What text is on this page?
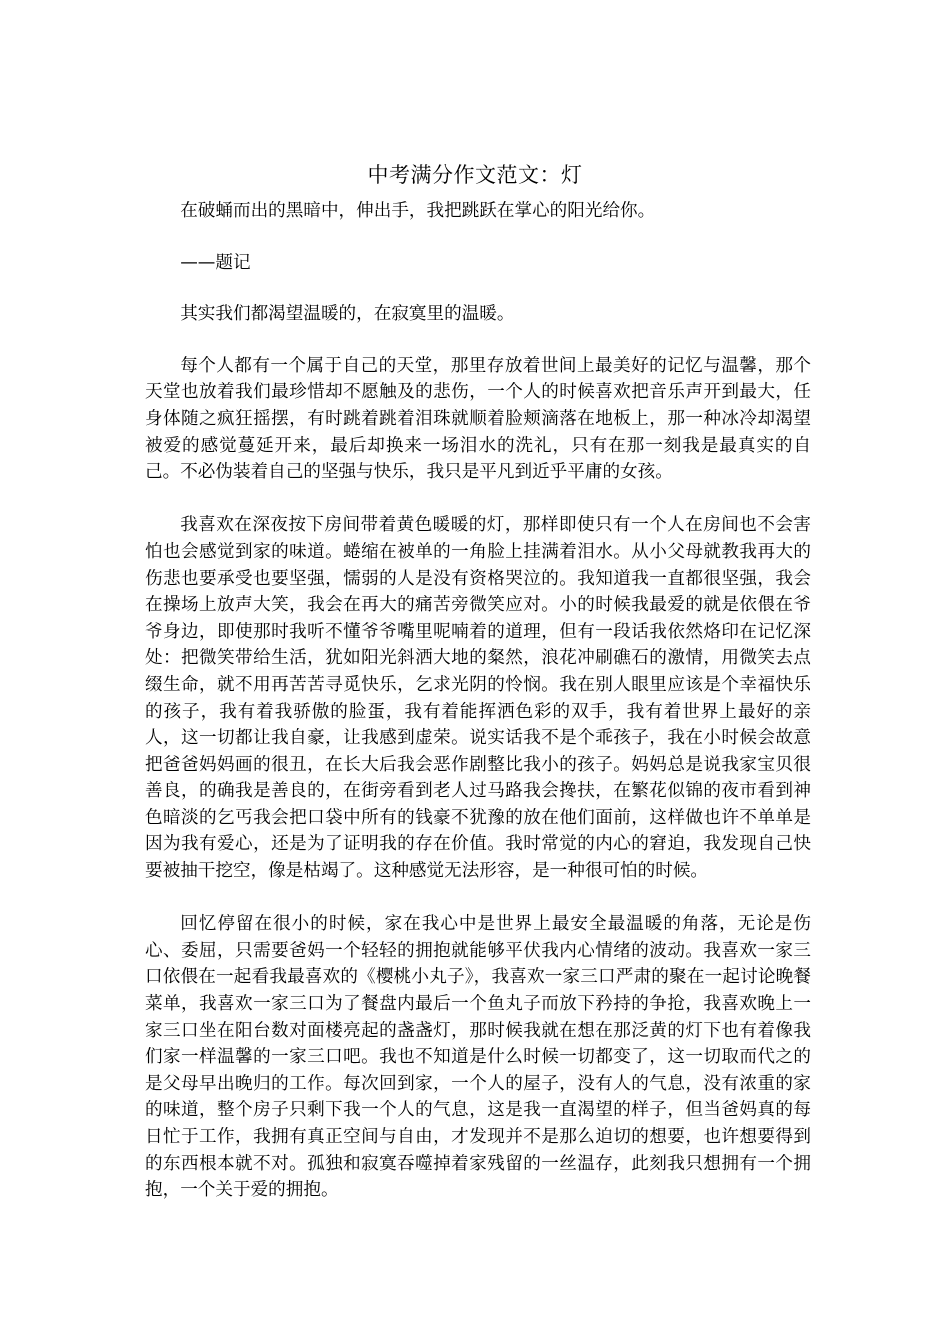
中考满分作文范文：灯

在破蛹而出的黑暗中，伸出手，我把跳跃在掌心的阳光给你。

——题记

其实我们都渴望温暖的，在寂寞里的温暖。

每个人都有一个属于自己的天堂，那里存放着世间上最美好的记忆与温馨，那个天堂也放着我们最珍惜却不愿触及的悲伤，一个人的时候喜欢把音乐声开到最大，任身体随之疯狂摇摆，有时跳着跳着泪珠就顺着脸颊滴落在地板上，那一种冰冷却渴望被爱的感觉蔓延开来，最后却换来一场泪水的洗礼，只有在那一刻我是最真实的自己。不必伪装着自己的坚强与快乐，我只是平凡到近乎平庸的女孩。

我喜欢在深夜按下房间带着黄色暖暖的灯，那样即使只有一个人在房间也不会害怕也会感觉到家的味道。蜷缩在被单的一角脸上挂满着泪水。从小父母就教我再大的伤悲也要承受也要坚强，懦弱的人是没有资格哭泣的。我知道我一直都很坚强，我会在操场上放声大笑，我会在再大的痛苦旁微笑应对。小的时候我最爱的就是依偎在爷爷身边，即使那时我听不懂爷爷嘴里呢喃着的道理，但有一段话我依然烙印在记忆深处：把微笑带给生活，犹如阳光斜洒大地的粲然，浪花冲刷礁石的激情，用微笑去点缀生命，就不用再苦苦寻觅快乐，乞求光阴的怜悯。我在别人眼里应该是个幸福快乐的孩子，我有着我骄傲的脸蛋，我有着能挥洒色彩的双手，我有着世界上最好的亲人，这一切都让我自豪，让我感到虚荣。说实话我不是个乖孩子，我在小时候会故意把爸爸妈妈画的很丑，在长大后我会恶作剧整比我小的孩子。妈妈总是说我家宝贝很善良，的确我是善良的，在街旁看到老人过马路我会搀扶，在繁花似锦的夜市看到神色暗淡的乞丐我会把口袋中所有的钱豪不犹豫的放在他们面前，这样做也许不单单是因为我有爱心，还是为了证明我的存在价值。我时常觉的内心的窘迫，我发现自己快要被抽干挖空，像是枯竭了。这种感觉无法形容，是一种很可怕的时候。

回忆停留在很小的时候，家在我心中是世界上最安全最温暖的角落，无论是伤心、委屈，只需要爸妈一个轻轻的拥抱就能够平伏我内心情绪的波动。我喜欢一家三口依偎在一起看我最喜欢的《樱桃小丸子》，我喜欢一家三口严肃的聚在一起讨论晚餐菜单，我喜欢一家三口为了餐盘内最后一个鱼丸子而放下矜持的争抢，我喜欢晚上一家三口坐在阳台数对面楼亮起的盏盏灯，那时候我就在想在那泛黄的灯下也有着像我们家一样温馨的一家三口吧。我也不知道是什么时候一切都变了，这一切取而代之的是父母早出晚归的工作。每次回到家，一个人的屋子，没有人的气息，没有浓重的家的味道，整个房子只剩下我一个人的气息，这是我一直渴望的样子，但当爸妈真的每日忙于工作，我拥有真正空间与自由，才发现并不是那么迫切的想要，也许想要得到的东西根本就不对。孤独和寂寞吞噬掉着家残留的一丝温存，此刻我只想拥有一个拥抱，一个关于爱的拥抱。
